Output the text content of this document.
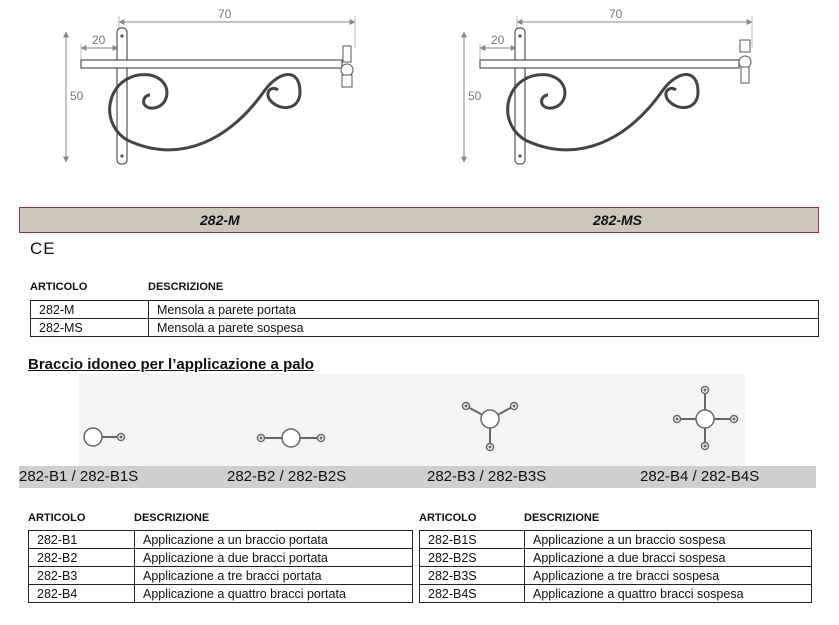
70
20
50
70
20
50
282-M	282-MS
CE
ARTICOLO	DESCRIZIONE
282-M	Mensola a parete portata
282-MS	Mensola a parete sospesa
Braccio idoneo per l’applicazione a palo
282-B1 / 282-B1S	282-B2 / 282-B2S	282-B3 / 282-B3S	282-B4 / 282-B4S
ARTICOLO	DESCRIZIONE	ARTICOLO	DESCRIZIONE
282-B1	Applicazione a un braccio portata
282-B2	Applicazione a due bracci portata
282-B3	Applicazione a tre bracci portata
282-B4	Applicazione a quattro bracci portata
282-B1S	Applicazione a un braccio sospesa
282-B2S	Applicazione a due bracci sospesa
282-B3S	Applicazione a tre bracci sospesa
282-B4S	Applicazione a quattro bracci sospesa
